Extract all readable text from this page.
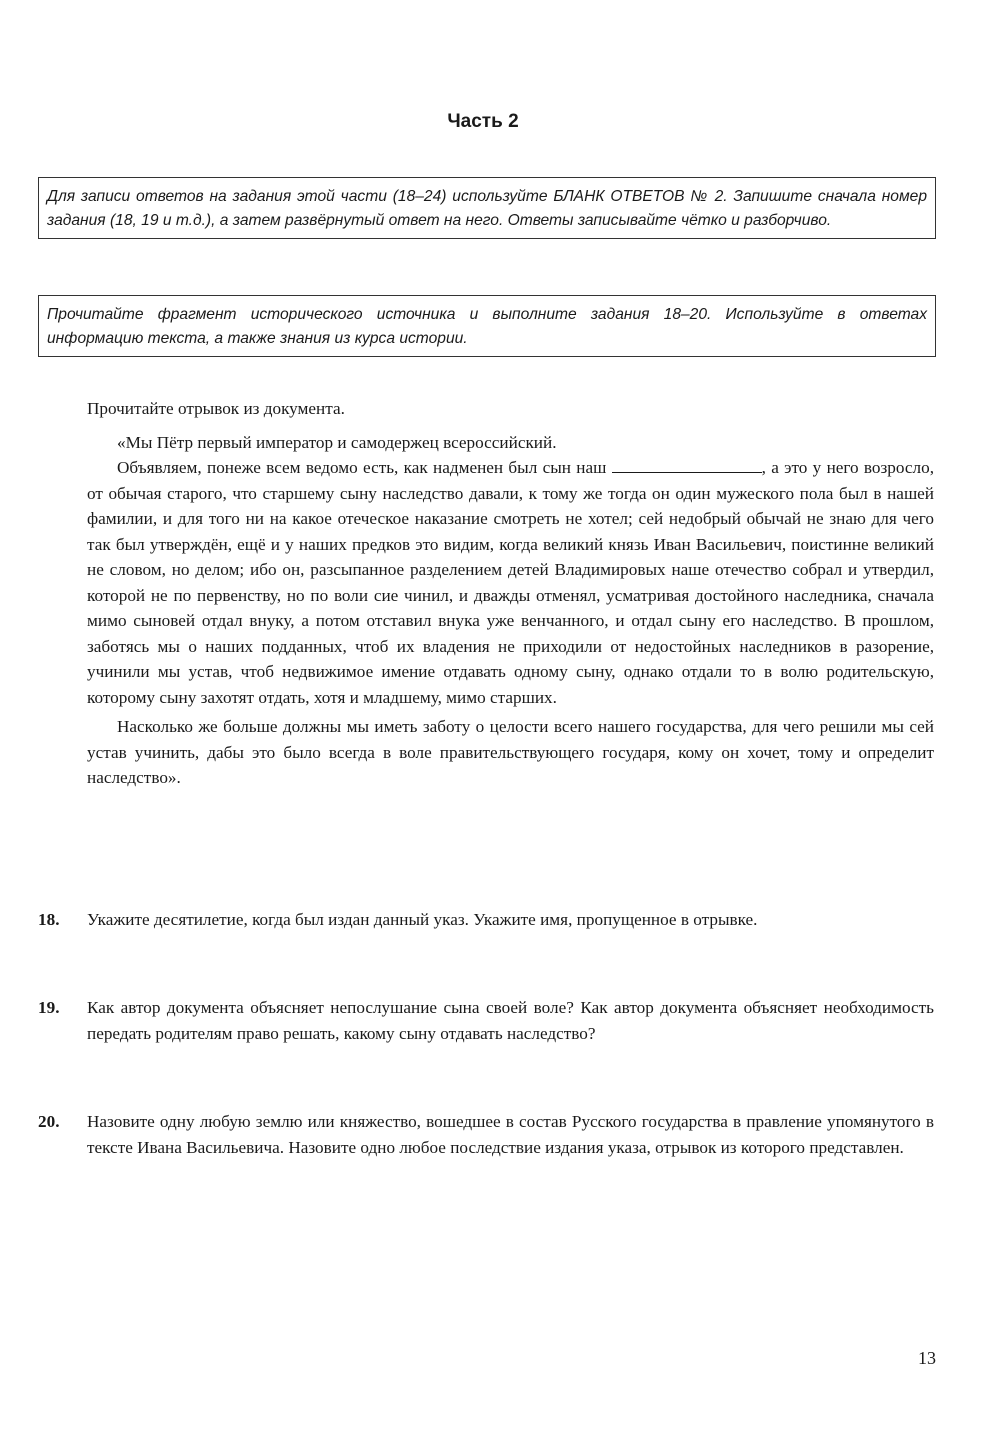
Часть 2
Для записи ответов на задания этой части (18–24) используйте БЛАНК ОТВЕТОВ № 2. Запишите сначала номер задания (18, 19 и т.д.), а затем развёрнутый ответ на него. Ответы записывайте чётко и разборчиво.
Прочитайте фрагмент исторического источника и выполните задания 18–20. Используйте в ответах информацию текста, а также знания из курса истории.

Прочитайте отрывок из документа.

«Мы Пётр первый император и самодержец всероссийский.

Объявляем, понеже всем ведомо есть, как надменен был сын наш	, а это у него возросло, от обычая старого, что старшему сыну наследство давали, к тому же тогда он один мужеского пола был в нашей фамилии, и для того ни на какое отеческое наказание смотреть не хотел; сей недобрый обычай не знаю для чего так был утверждён, ещё и у наших предков это видим, когда великий князь Иван Васильевич, поистинне великий не словом, но делом; ибо он, разсыпанное разделением детей Владимировых наше отечество собрал и утвердил, которой не по первенству, но по воли сие чинил, и дважды отменял, усматривая достойного наследника, сначала мимо сыновей отдал внуку, а потом отставил внука уже венчанного, и отдал сыну его наследство. В прошлом, заботясь мы о наших подданных, чтоб их владения не приходили от недостойных наследников в разорение, учинили мы устав, чтоб недвижимое имение отдавать одному сыну, однако отдали то в волю родительскую, которому сыну захотят отдать, хотя и младшему, мимо старших.

Насколько же больше должны мы иметь заботу о целости всего нашего государства, для чего решили мы сей устав учинить, дабы это было всегда в воле правительствующего государя, кому он хочет, тому и определит наследство».

18. Укажите десятилетие, когда был издан данный указ. Укажите имя, пропущенное в отрывке.
19. Как автор документа объясняет непослушание сына своей воле? Как автор документа объясняет необходимость передать родителям право решать, какому сыну отдавать наследство?
20. Назовите одну любую землю или княжество, вошедшее в состав Русского государства в правление упомянутого в тексте Ивана Васильевича. Назовите одно любое последствие издания указа, отрывок из которого представлен.
13
